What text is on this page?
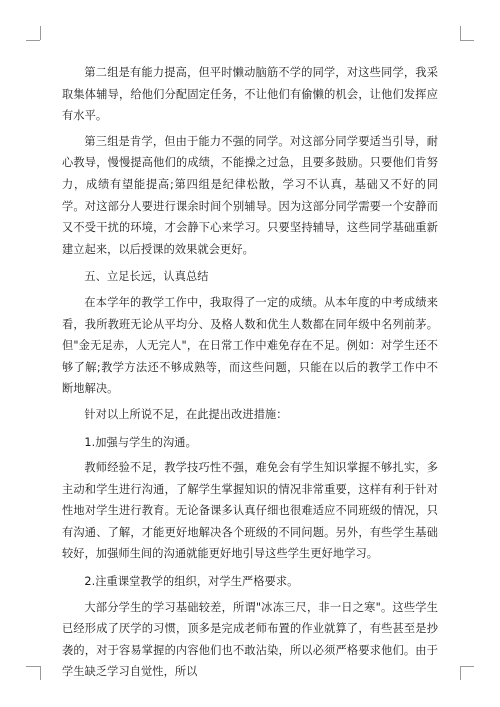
第二组是有能力提高，但平时懒动脑筋不学的同学，对这些同学，我采取集体辅导，给他们分配固定任务，不让他们有偷懒的机会，让他们发挥应有水平。

第三组是肯学，但由于能力不强的同学。对这部分同学要适当引导，耐心教导，慢慢提高他们的成绩，不能操之过急，且要多鼓励。只要他们肯努力，成绩有望能提高;第四组是纪律松散，学习不认真，基础又不好的同学。对这部分人要进行课余时间个别辅导。因为这部分同学需要一个安静而又不受干扰的环境，才会静下心来学习。只要坚持辅导，这些同学基础重新建立起来，以后授课的效果就会更好。

五、立足长远，认真总结

在本学年的教学工作中，我取得了一定的成绩。从本年度的中考成绩来看，我所教班无论从平均分、及格人数和优生人数都在同年级中名列前茅。但"金无足赤，人无完人"，在日常工作中难免存在不足。例如：对学生还不够了解;教学方法还不够成熟等，而这些问题，只能在以后的教学工作中不断地解决。

针对以上所说不足，在此提出改进措施：

1.加强与学生的沟通。

教师经验不足，教学技巧性不强，难免会有学生知识掌握不够扎实，多主动和学生进行沟通，了解学生掌握知识的情况非常重要，这样有利于针对性地对学生进行教育。无论备课多认真仔细也很难适应不同班级的情况，只有沟通、了解，才能更好地解决各个班级的不同问题。另外，有些学生基础较好，加强师生间的沟通就能更好地引导这些学生更好地学习。

2.注重课堂教学的组织，对学生严格要求。

大部分学生的学习基础较差，所谓"冰冻三尺，非一日之寒"。这些学生已经形成了厌学的习惯，顶多是完成老师布置的作业就算了，有些甚至是抄袭的，对于容易掌握的内容他们也不敢沾染，所以必须严格要求他们。由于学生缺乏学习自觉性，所以
